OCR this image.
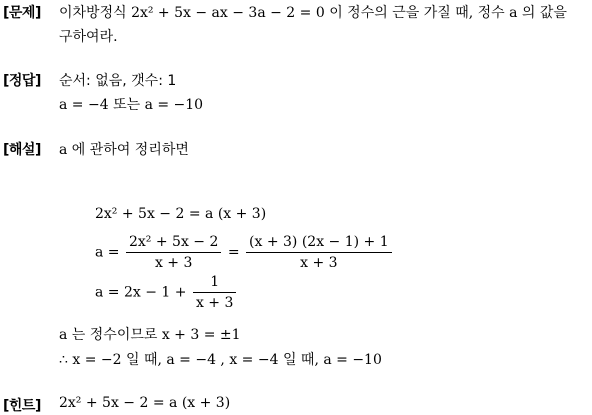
[문제] 이차방정식 2x² + 5x − ax − 3a − 2 = 0 이 정수의 근을 가질 때, 정수 a 의 값을
구하여라.
[정답] 순서: 없음, 갯수: 1
a = −4 또는 a = −10
[해설] a 에 관하여 정리하면
2x² + 5x − 2 = a (x + 3)
$a = \frac{\text{2x² + 5x − 2}}{x + 3} = \frac{(x + 3) (2x - 1) + 1}{x + 3}$
$a = 2x - 1 + \frac{1}{x + 3}$
a 는 정수이므로 x + 3 = ±1
∴ x = −2 일 때, a = −4 , x = −4 일 때, a = −10
[힌트] 2x² + 5x − 2 = a (x + 3)
